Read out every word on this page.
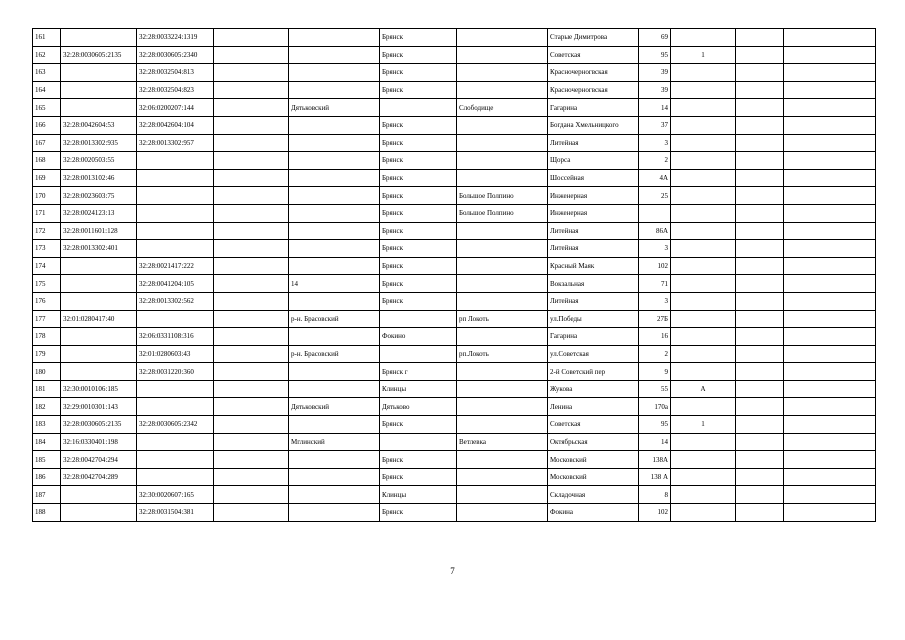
161		32:28:0033224:1319			Брянск		Старые Димитрова	69			
162	32:28:0030605:2135	32:28:0030605:2340			Брянск		Советская	95	1		
163		32:28:0032504:813			Брянск		Красночерногвская	39			
164		32:28:0032504:823			Брянск		Красночерногвская	39			
165		32:06:0200207:144		Дятьковский		Слободище	Гагарина	14			
166	32:28:0042604:53	32:28:0042604:104			Брянск		Богдана Хмельницкого	37			
167	32:28:0013302:935	32:28:0013302:957			Брянск		Литейная	3			
168	32:28:0020503:55				Брянск		Щорса	2			
169	32:28:0013102:46				Брянск		Шоссейная	4А			
170	32:28:0023603:75				Брянск	Большое Полпино	Инженерная	25			
171	32:28:0024123:13				Брянск	Большое Полпино	Инженерная				
172	32:28:0011601:128				Брянск		Литейная	86А			
173	32:28:0013302:401				Брянск		Литейная	3			
174		32:28:0021417:222			Брянск		Красный Маяк	102			
175		32:28:0041204:105		14	Брянск		Вокзальная	71			
176		32:28:0013302:562			Брянск		Литейная	3			
177	32:01:0280417:40			р-н. Брасовский		рп Локоть	ул.Победы	27Б			
178		32:06:0331108:316			Фокино		Гагарина	16			
179		32:01:0280603:43		р-н. Брасовский		рп.Локоть	ул.Советская	2			
180		32:28:0031220:360			Брянск г		2-й Советский пер	9			
181	32:30:0010106:185				Клинцы		Жукова	55	А		
182	32:29:0010301:143			Дятьковский	Дятьково		Ленина	170а			
183	32:28:0030605:2135	32:28:0030605:2342			Брянск		Советская	95	1		
184	32:16:0330401:198			Мглинский		Ветлевка	Октябрьская	14			
185	32:28:0042704:294				Брянск		Московский	138А			
186	32:28:0042704:289				Брянск		Московский	138 А			
187		32:30:0020607:165			Клинцы		Складочная	8			
188		32:28:0031504:381			Брянск		Фокина	102			
7
